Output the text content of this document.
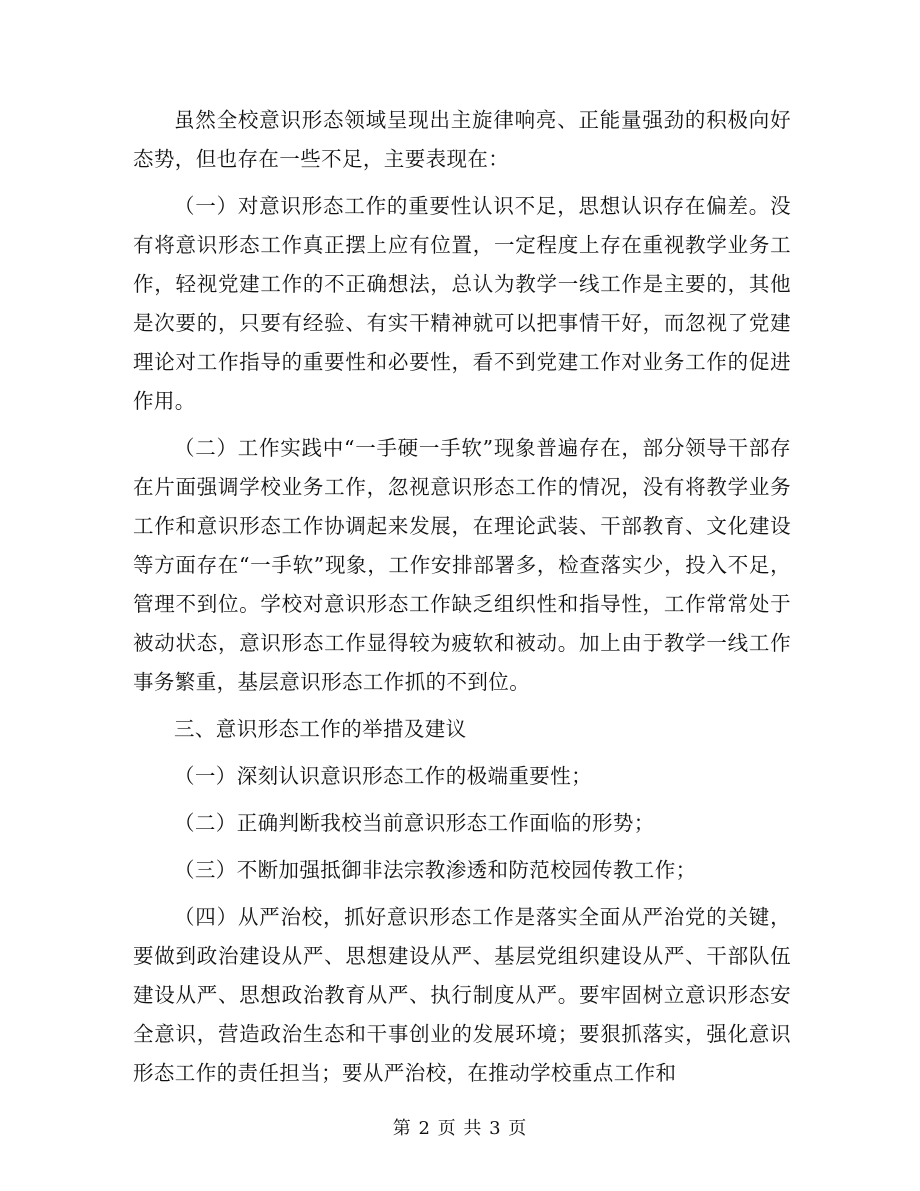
虽然全校意识形态领域呈现出主旋律响亮、正能量强劲的积极向好态势，但也存在一些不足，主要表现在：

（一）对意识形态工作的重要性认识不足，思想认识存在偏差。没有将意识形态工作真正摆上应有位置，一定程度上存在重视教学业务工作，轻视党建工作的不正确想法，总认为教学一线工作是主要的，其他是次要的，只要有经验、有实干精神就可以把事情干好，而忽视了党建理论对工作指导的重要性和必要性，看不到党建工作对业务工作的促进作用。

（二）工作实践中“一手硬一手软”现象普遍存在，部分领导干部存在片面强调学校业务工作，忽视意识形态工作的情况，没有将教学业务工作和意识形态工作协调起来发展，在理论武装、干部教育、文化建设等方面存在“一手软”现象，工作安排部署多，检查落实少，投入不足，管理不到位。学校对意识形态工作缺乏组织性和指导性，工作常常处于被动状态，意识形态工作显得较为疲软和被动。加上由于教学一线工作事务繁重，基层意识形态工作抓的不到位。

三、意识形态工作的举措及建议

（一）深刻认识意识形态工作的极端重要性；

（二）正确判断我校当前意识形态工作面临的形势；

（三）不断加强抵御非法宗教渗透和防范校园传教工作；

（四）从严治校，抓好意识形态工作是落实全面从严治党的关键，要做到政治建设从严、思想建设从严、基层党组织建设从严、干部队伍建设从严、思想政治教育从严、执行制度从严。要牢固树立意识形态安全意识，营造政治生态和干事创业的发展环境；要狠抓落实，强化意识形态工作的责任担当；要从严治校，在推动学校重点工作和

第 2 页 共 3 页
